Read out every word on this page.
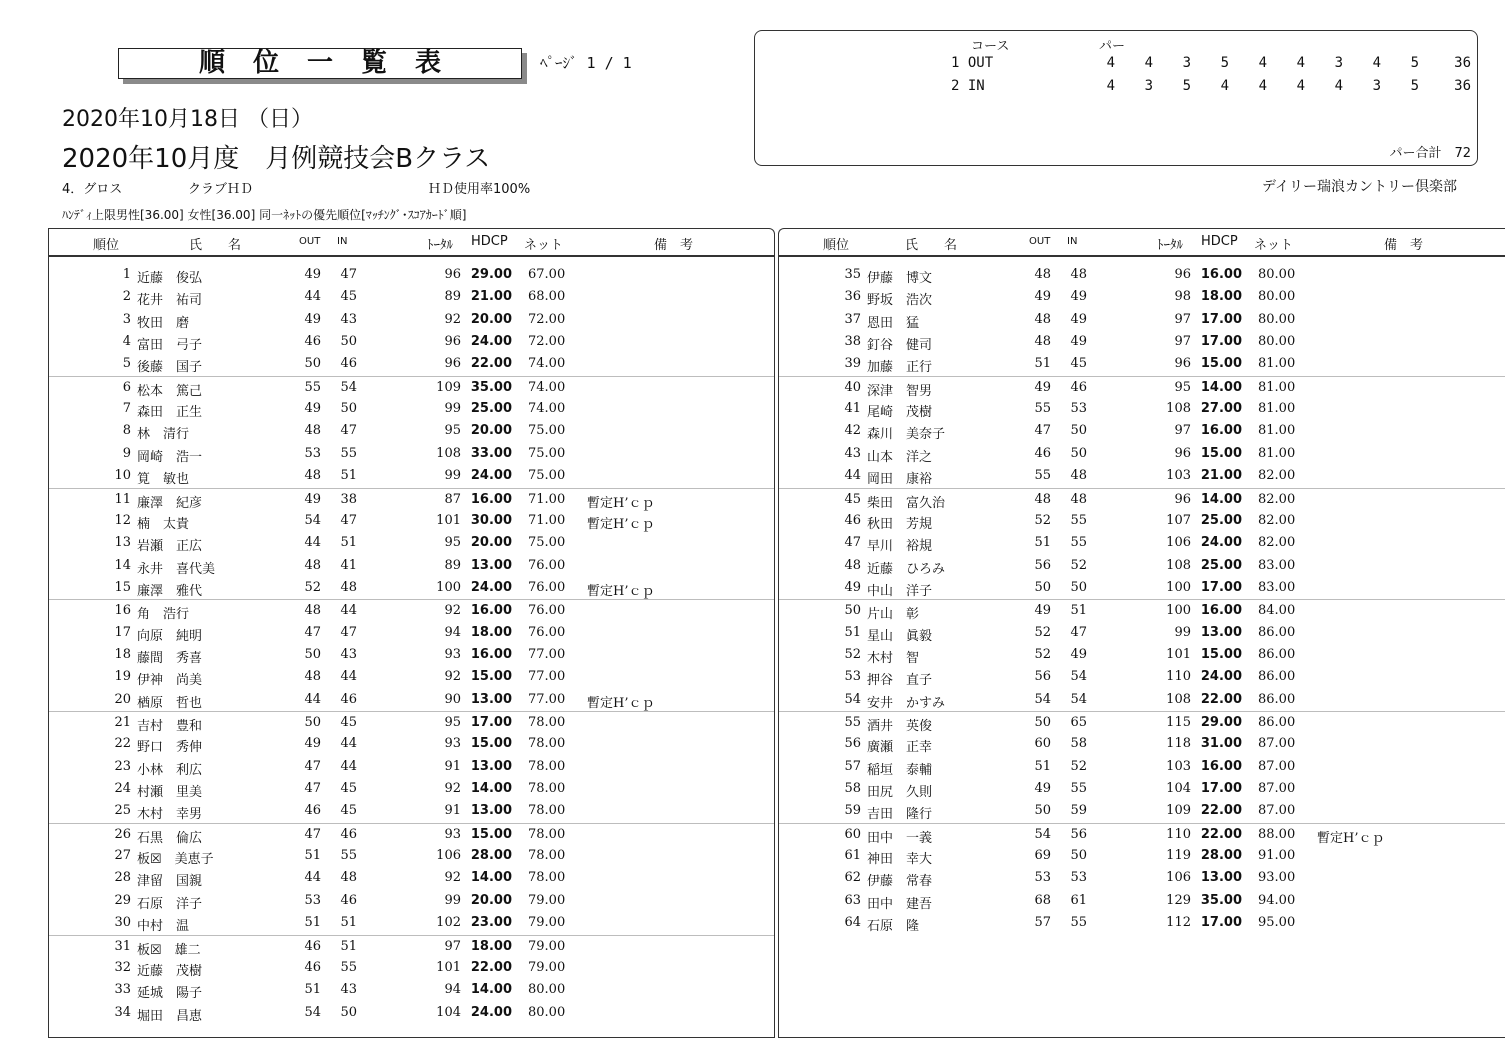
順位一覧表	ﾍﾟｰｼﾞ 1 / 1
2020年10月18日 （日）
2020年10月度　月例競技会Bクラス
4．グロス	クラブＨＤ	ＨＤ使用率100%	デイリー瑞浪カントリー倶楽部
ﾊﾝﾃﾞｨ上限男性[36.00] 女性[36.00] 同一ﾈｯﾄの優先順位[ﾏｯﾁﾝｸﾞ･ｽｺｱｶｰﾄﾞ順]
コース	パー
1 OUT	4	4	3	5	4	4	3	4	5	36
2 IN	4	3	5	4	4	4	4	3	5	36
パー合計　72
順位	氏　　名	OUT IN	ﾄｰﾀﾙ HDCP ネット	備　考
1 近藤　俊弘	49	47	96 29.00 67.00
2 花井　祐司	44	45	89 21.00 68.00
3 牧田　磨	49	43	92 20.00 72.00
4 富田　弓子	46	50	96 24.00 72.00
5 後藤　国子	50	46	96 22.00 74.00
6 松本　篤己	55	54	109 35.00 74.00
7 森田　正生	49	50	99 25.00 74.00
8 林　清行	48	47	95 20.00 75.00
9 岡崎　浩一	53	55	108 33.00 75.00
10 筧　敏也	48	51	99 24.00 75.00
11 廉澤　紀彦	49	38	87 16.00 71.00 暫定H’ｃｐ
12 楠　太貴	54	47	101 30.00 71.00 暫定H’ｃｐ
13 岩瀬　正広	44	51	95 20.00 75.00
14 永井　喜代美	48	41	89 13.00 76.00
15 廉澤　雅代	52	48	100 24.00 76.00 暫定H’ｃｐ
16 角　浩行	48	44	92 16.00 76.00
17 向原　純明	47	47	94 18.00 76.00
18 藤間　秀喜	50	43	93 16.00 77.00
19 伊神　尚美	48	44	92 15.00 77.00
20 楢原　哲也	44	46	90 13.00 77.00 暫定H’ｃｐ
21 吉村　豊和	50	45	95 17.00 78.00
22 野口　秀伸	49	44	93 15.00 78.00
23 小林　利広	47	44	91 13.00 78.00
24 村瀬　里美	47	45	92 14.00 78.00
25 木村　幸男	46	45	91 13.00 78.00
26 石黒　倫広	47	46	93 15.00 78.00
27 板☒　美恵子	51	55	106 28.00 78.00
28 津留　国親	44	48	92 14.00 78.00
29 石原　洋子	53	46	99 20.00 79.00
30 中村　温	51	51	102 23.00 79.00
31 板☒　雄二	46	51	97 18.00 79.00
32 近藤　茂樹	46	55	101 22.00 79.00
33 延城　陽子	51	43	94 14.00 80.00
34 堀田　昌恵	54	50	104 24.00 80.00
順位	氏　　名	OUT IN	ﾄｰﾀﾙ HDCP ネット	備　考
35 伊藤　博文	48	48	96 16.00 80.00
36 野坂　浩次	49	49	98 18.00 80.00
37 恩田　猛	48	49	97 17.00 80.00
38 釘谷　健司	48	49	97 17.00 80.00
39 加藤　正行	51	45	96 15.00 81.00
40 深津　智男	49	46	95 14.00 81.00
41 尾崎　茂樹	55	53	108 27.00 81.00
42 森川　美奈子	47	50	97 16.00 81.00
43 山本　洋之	46	50	96 15.00 81.00
44 岡田　康裕	55	48	103 21.00 82.00
45 柴田　富久治	48	48	96 14.00 82.00
46 秋田　芳規	52	55	107 25.00 82.00
47 早川　裕規	51	55	106 24.00 82.00
48 近藤　ひろみ	56	52	108 25.00 83.00
49 中山　洋子	50	50	100 17.00 83.00
50 片山　彰	49	51	100 16.00 84.00
51 星山　眞毅	52	47	99 13.00 86.00
52 木村　智	52	49	101 15.00 86.00
53 押谷　直子	56	54	110 24.00 86.00
54 安井　かすみ	54	54	108 22.00 86.00
55 酒井　英俊	50	65	115 29.00 86.00
56 廣瀬　正幸	60	58	118 31.00 87.00
57 稲垣　泰輔	51	52	103 16.00 87.00
58 田尻　久則	49	55	104 17.00 87.00
59 吉田　隆行	50	59	109 22.00 87.00
60 田中　一義	54	56	110 22.00 88.00 暫定H’ｃｐ
61 神田　幸大	69	50	119 28.00 91.00
62 伊藤　常春	53	53	106 13.00 93.00
63 田中　建吾	68	61	129 35.00 94.00
64 石原　隆	57	55	112 17.00 95.00
